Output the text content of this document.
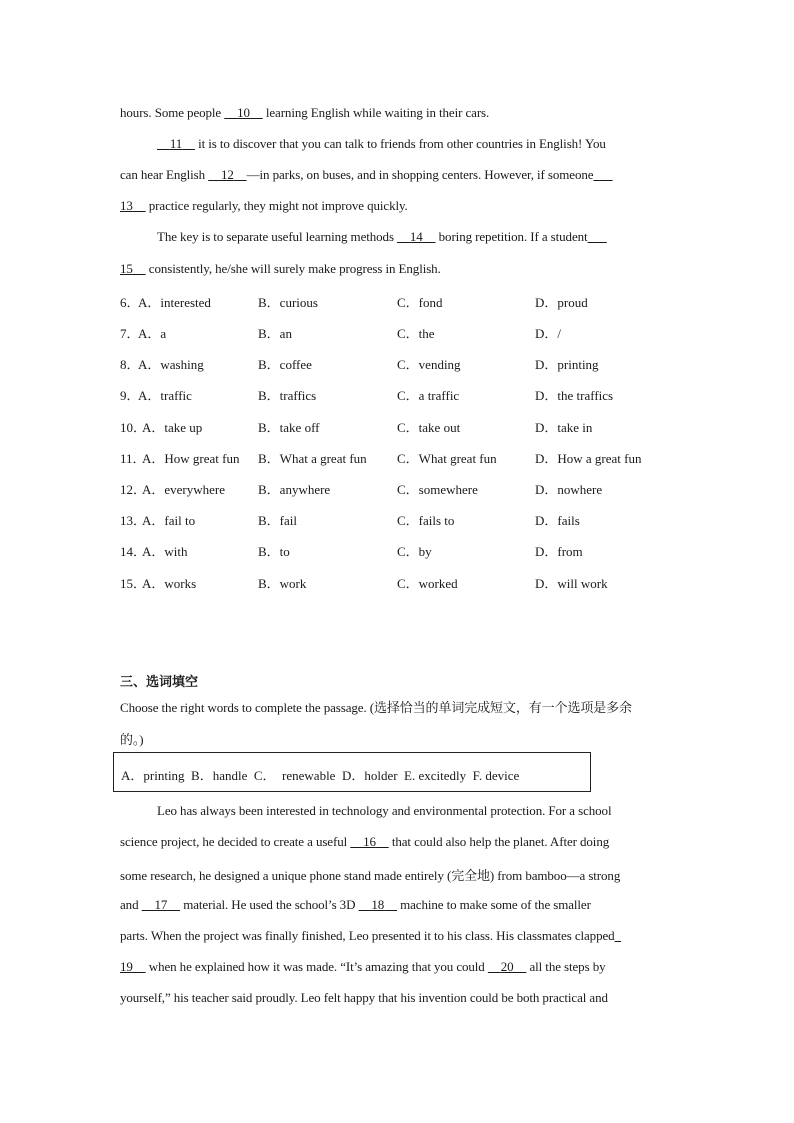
hours. Some people   10   learning English while waiting in their cars.
  11   it is to discover that you can talk to friends from other countries in English! You
can hear English   12   —in parks, on buses, and in shopping centers. However, if someone   
13   practice regularly, they might not improve quickly.
The key is to separate useful learning methods   14   boring repetition. If a student   
15   consistently, he/she will surely make progress in English.
6．
A．interested	B．curious	C．fond	D．proud
7．
A．a	B．an	C．the	D．/
8．
A．washing	B．coffee	C．vending	D．printing
9．
A．traffic	B．traffics	C．a traffic	D．the traffics
10．
A．take up	B．take off	C．take out	D．take in
11．
A．How great fun B．What a great fun C．What great fun	D．How a great fun
12．
A．everywhere	B．anywhere	C．somewhere	D．nowhere
13．
A．fail to	B．fail	C．fails to	D．fails
14．
A．with	B．to	C．by	D．from
15．
A．works	B．work	C．worked	D．will work
三、选词填空
Choose the right words to complete the passage. (选择恰当的单词完成短文，有一个选项是多余
的。)
A．printing  B．handle  C．  renewable  D．holder  E. excitedly  F. device
Leo has always been interested in technology and environmental protection. For a school
science project, he decided to create a useful   16   that could also help the planet. After doing
some research, he designed a unique phone stand made entirely (完全地) from bamboo—a strong
and   17   material. He used the school’s 3D   18   machine to make some of the smaller
parts. When the project was finally finished, Leo presented it to his class. His classmates clapped 
19   when he explained how it was made. “It’s amazing that you could   20   all the steps by
yourself,” his teacher said proudly. Leo felt happy that his invention could be both practical and
